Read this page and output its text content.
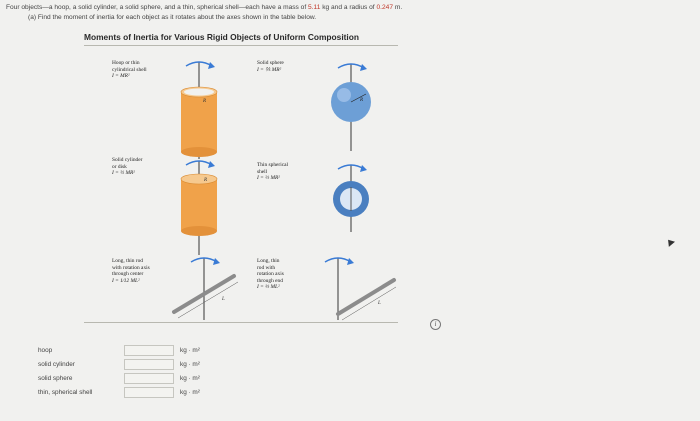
Four objects—a hoop, a solid cylinder, a solid sphere, and a thin, spherical shell—each have a mass of 5.11 kg and a radius of 0.247 m.
(a) Find the moment of inertia for each object as it rotates about the axes shown in the table below.
Moments of Inertia for Various Rigid Objects of Uniform Composition
Hoop or thin
cylindrical shell
I = MR²
R
Solid sphere
I = ⅖ MR²
R
Solid cylinder
or disk
I = ½ MR²
R
Thin spherical
shell
I = ⅔ MR²
Long, thin rod
with rotation axis
through center
I = 1⁄12 ML²
L
Long, thin
rod with
rotation axis
through end
I = ⅓ ML²
L
i
hoop	kg · m²
solid cylinder	kg · m²
solid sphere	kg · m²
thin, spherical shell	kg · m²
